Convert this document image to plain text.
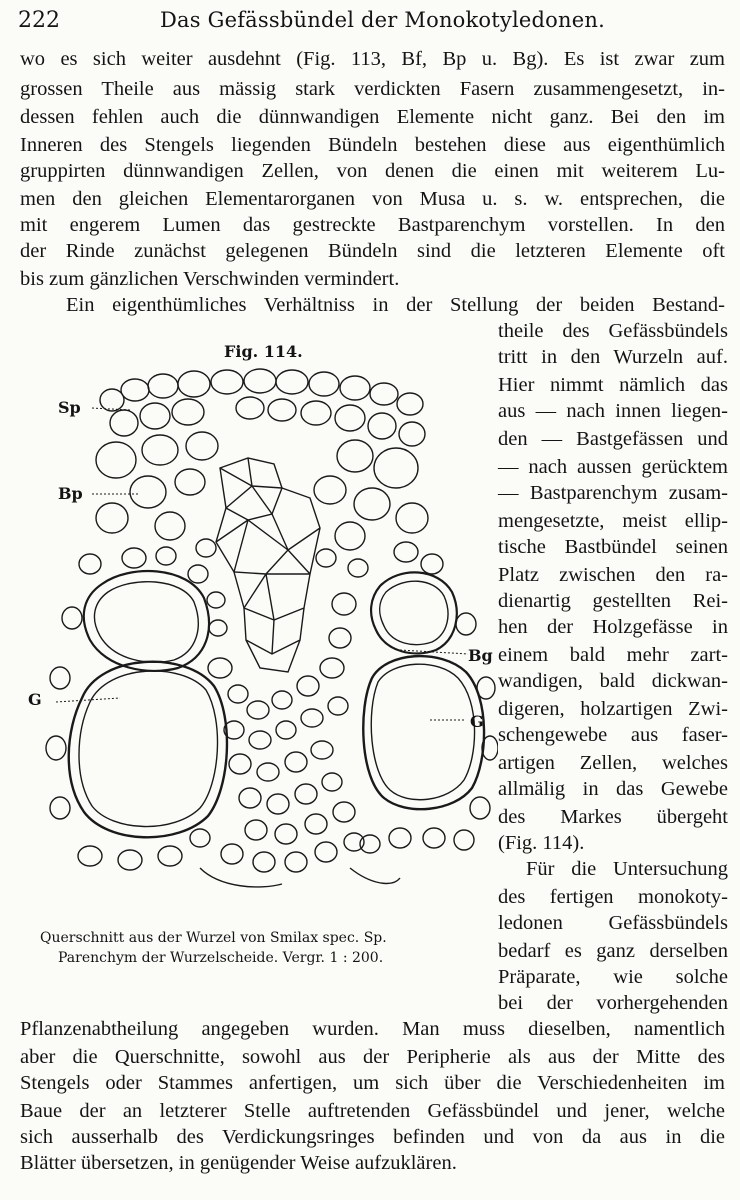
222	Das Gefässbündel der Monokotyledonen.
wo es sich weiter ausdehnt (Fig. 113, Bf, Bp u. Bg). Es ist zwar zum
grossen Theile aus mässig stark verdickten Fasern zusammengesetzt, in-
dessen fehlen auch die dünnwandigen Elemente nicht ganz. Bei den im
Inneren des Stengels liegenden Bündeln bestehen diese aus eigenthümlich
gruppirten dünnwandigen Zellen, von denen die einen mit weiterem Lu-
men den gleichen Elementarorganen von Musa u. s. w. entsprechen, die
mit engerem Lumen das gestreckte Bastparenchym vorstellen. In den
der Rinde zunächst gelegenen Bündeln sind die letzteren Elemente oft
bis zum gänzlichen Verschwinden vermindert.
Ein eigenthümliches Verhältniss in der Stellung der beiden Bestand-
theile des Gefässbündels
tritt in den Wurzeln auf.
Hier nimmt nämlich das
aus — nach innen liegen-
den — Bastgefässen und
— nach aussen gerücktem
— Bastparenchym zusam-
mengesetzte, meist ellip-
tische Bastbündel seinen
Platz zwischen den ra-
dienartig gestellten Rei-
hen der Holzgefässe in
einem bald mehr zart-
wandigen, bald dickwan-
digeren, holzartigen Zwi-
schengewebe aus faser-
artigen Zellen, welches
allmälig in das Gewebe
des Markes übergeht
(Fig. 114).
Für die Untersuchung
des fertigen monokoty-
ledonen Gefässbündels
bedarf es ganz derselben
Präparate, wie solche
bei der vorhergehenden
Fig. 114.
Sp
Bp
G
Bg
G
Querschnitt aus der Wurzel von Smilax spec. Sp.
Parenchym der Wurzelscheide. Vergr. 1 : 200.
Pflanzenabtheilung angegeben wurden. Man muss dieselben, namentlich
aber die Querschnitte, sowohl aus der Peripherie als aus der Mitte des
Stengels oder Stammes anfertigen, um sich über die Verschiedenheiten im
Baue der an letzterer Stelle auftretenden Gefässbündel und jener, welche
sich ausserhalb des Verdickungsringes befinden und von da aus in die
Blätter übersetzen, in genügender Weise aufzuklären.
